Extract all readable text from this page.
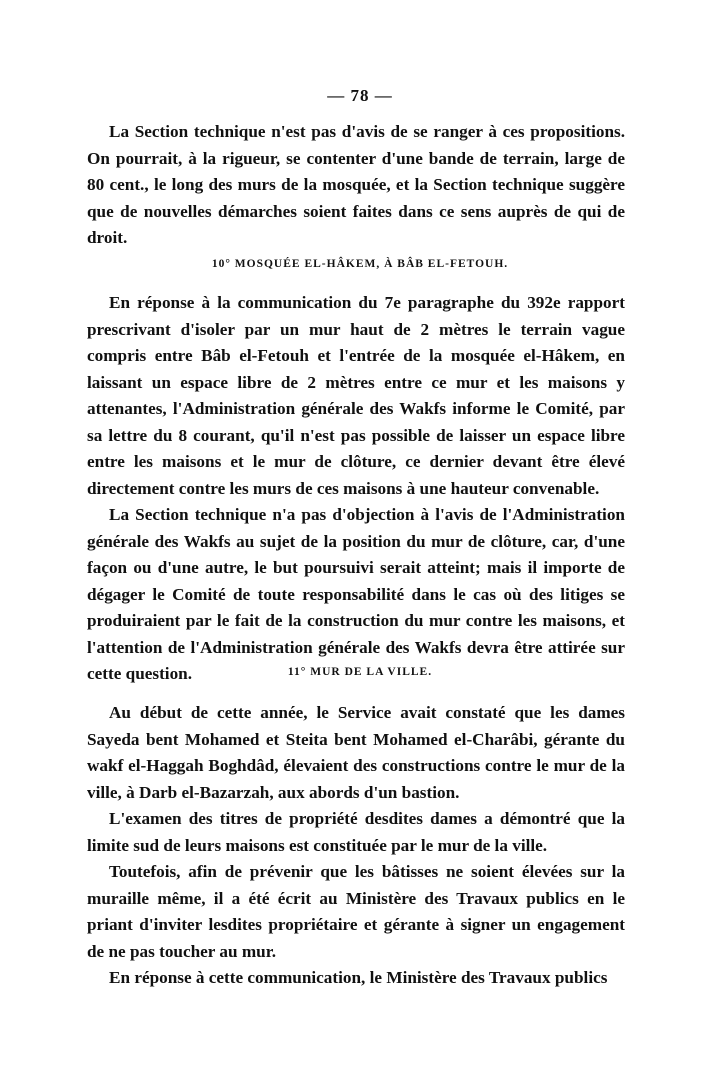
— 78 —

La Section technique n'est pas d'avis de se ranger à ces propositions. On pourrait, à la rigueur, se contenter d'une bande de terrain, large de 80 cent., le long des murs de la mosquée, et la Section technique suggère que de nouvelles démarches soient faites dans ce sens auprès de qui de droit.

10° MOSQUÉE EL-HÂKEM, À BÂB EL-FETOUH.

En réponse à la communication du 7e paragraphe du 392e rapport prescrivant d'isoler par un mur haut de 2 mètres le terrain vague compris entre Bâb el-Fetouh et l'entrée de la mosquée el-Hâkem, en laissant un espace libre de 2 mètres entre ce mur et les maisons y attenantes, l'Administration générale des Wakfs informe le Comité, par sa lettre du 8 courant, qu'il n'est pas possible de laisser un espace libre entre les maisons et le mur de clôture, ce dernier devant être élevé directement contre les murs de ces maisons à une hauteur convenable.

La Section technique n'a pas d'objection à l'avis de l'Administration générale des Wakfs au sujet de la position du mur de clôture, car, d'une façon ou d'une autre, le but poursuivi serait atteint; mais il importe de dégager le Comité de toute responsabilité dans le cas où des litiges se produiraient par le fait de la construction du mur contre les maisons, et l'attention de l'Administration générale des Wakfs devra être attirée sur cette question.	11° MUR DE LA VILLE.

Au début de cette année, le Service avait constaté que les dames Sayeda bent Mohamed et Steita bent Mohamed el-Charâbi, gérante du wakf el-Haggah Boghdâd, élevaient des constructions contre le mur de la ville, à Darb el-Bazarzah, aux abords d'un bastion.

L'examen des titres de propriété desdites dames a démontré que la limite sud de leurs maisons est constituée par le mur de la ville.

Toutefois, afin de prévenir que les bâtisses ne soient élevées sur la muraille même, il a été écrit au Ministère des Travaux publics en le priant d'inviter lesdites propriétaire et gérante à signer un engagement de ne pas toucher au mur.

En réponse à cette communication, le Ministère des Travaux publics
